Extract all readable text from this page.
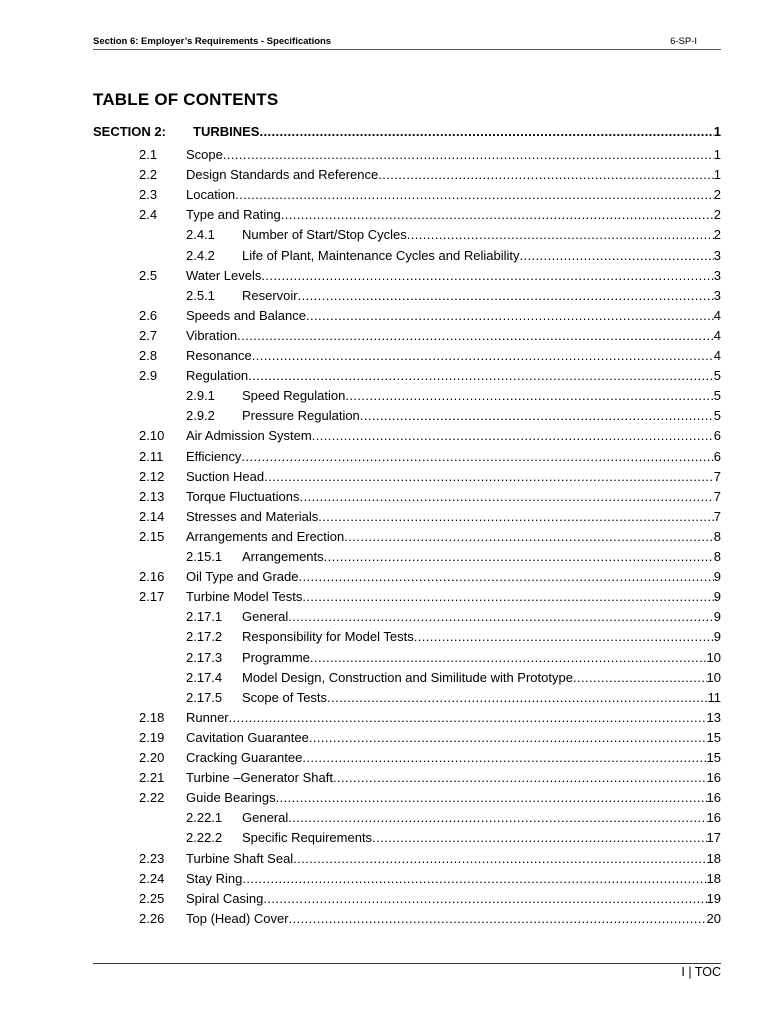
Section 6: Employer’s Requirements - Specifications	6-SP-I
TABLE OF CONTENTS
SECTION 2: TURBINES .....	1
2.1 Scope .....	1
2.2 Design Standards and Reference .....	1
2.3 Location .....	2
2.4 Type and Rating .....	2
2.4.1 Number of Start/Stop Cycles .....	2
2.4.2 Life of Plant, Maintenance Cycles and Reliability .....	3
2.5 Water Levels .....	3
2.5.1 Reservoir .....	3
2.6 Speeds and Balance .....	4
2.7 Vibration .....	4
2.8 Resonance .....	4
2.9 Regulation .....	5
2.9.1 Speed Regulation .....	5
2.9.2 Pressure Regulation .....	5
2.10 Air Admission System .....	6
2.11 Efficiency .....	6
2.12 Suction Head .....	7
2.13 Torque Fluctuations .....	7
2.14 Stresses and Materials .....	7
2.15 Arrangements and Erection .....	8
2.15.1 Arrangements .....	8
2.16 Oil Type and Grade .....	9
2.17 Turbine Model Tests .....	9
2.17.1 General .....	9
2.17.2 Responsibility for Model Tests .....	9
2.17.3 Programme .....	10
2.17.4 Model Design, Construction and Similitude with Prototype .....	10
2.17.5 Scope of Tests .....	11
2.18 Runner .....	13
2.19 Cavitation Guarantee .....	15
2.20 Cracking Guarantee .....	15
2.21 Turbine –Generator Shaft .....	16
2.22 Guide Bearings .....	16
2.22.1 General .....	16
2.22.2 Specific Requirements .....	17
2.23 Turbine Shaft Seal .....	18
2.24 Stay Ring .....	18
2.25 Spiral Casing .....	19
2.26 Top (Head) Cover .....	20
I | TOC
